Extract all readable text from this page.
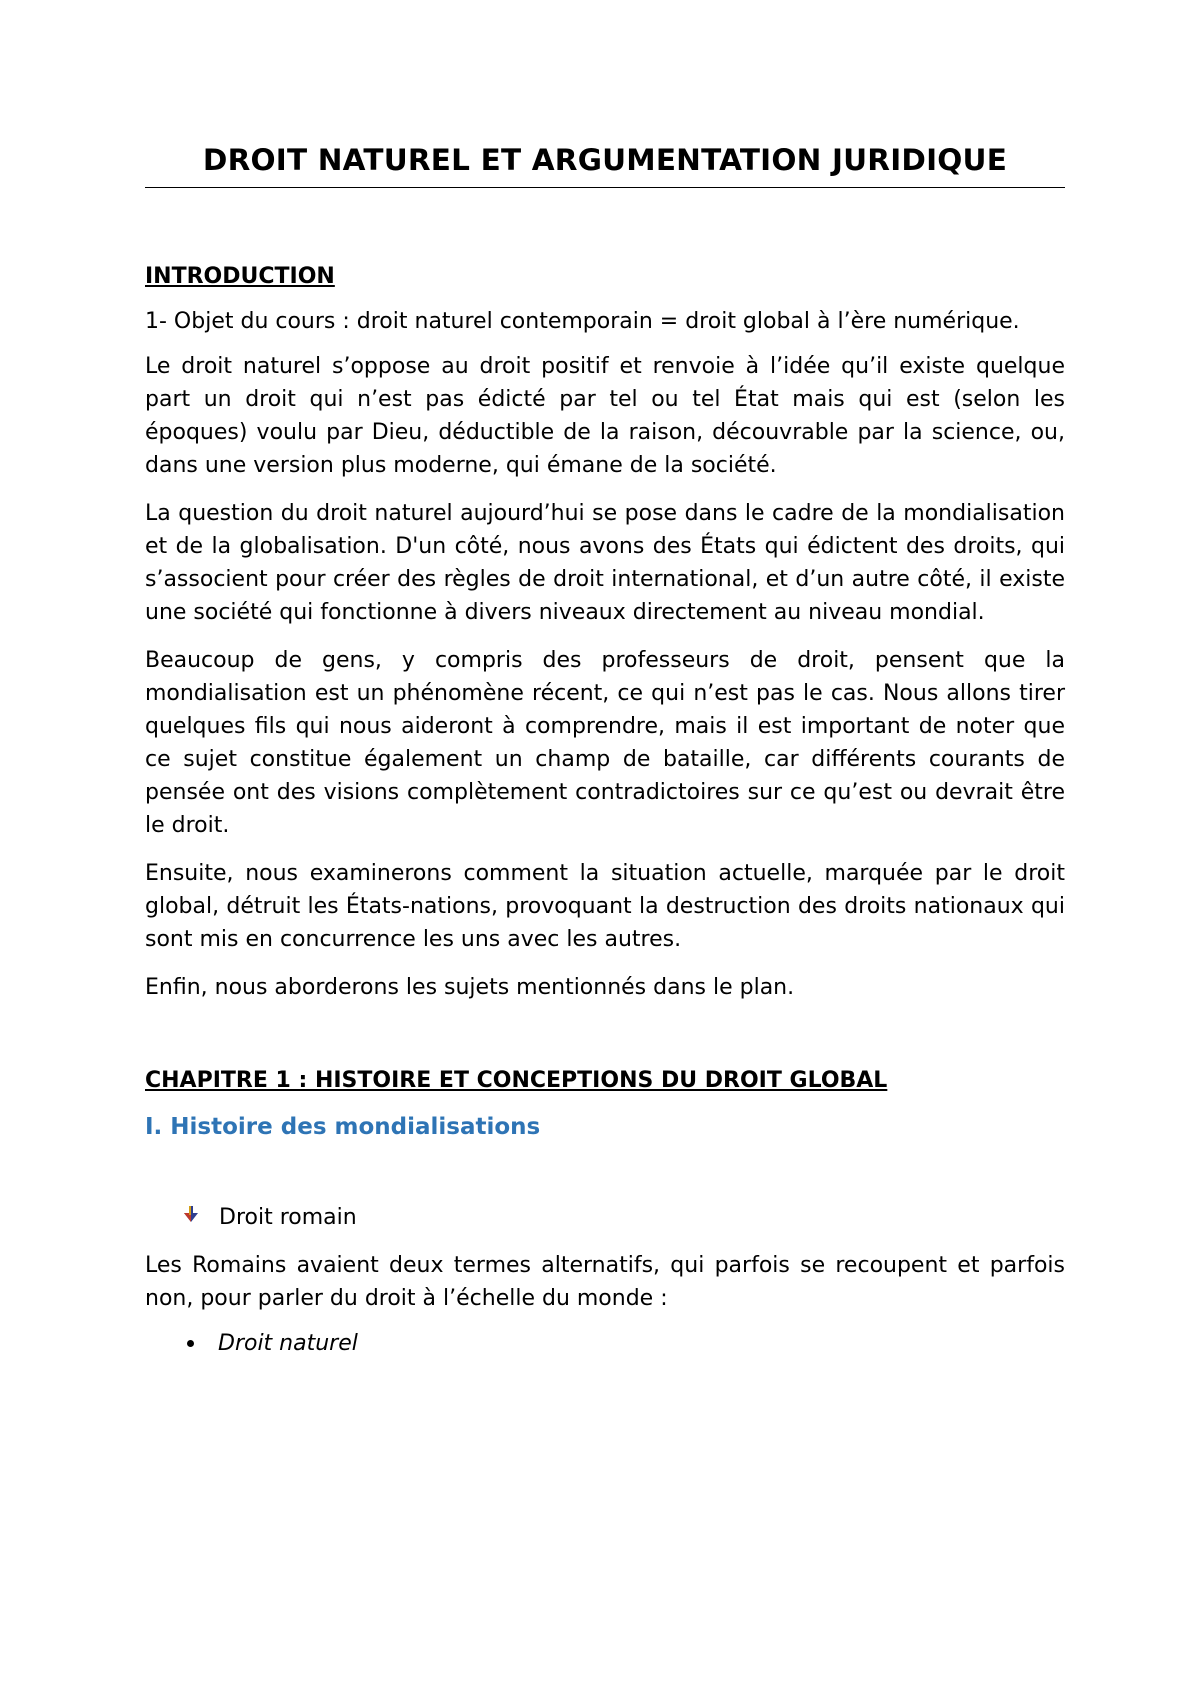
DROIT NATUREL ET ARGUMENTATION JURIDIQUE

INTRODUCTION

1- Objet du cours : droit naturel contemporain = droit global à l’ère numérique.

Le droit naturel s’oppose au droit positif et renvoie à l’idée qu’il existe quelque part un droit qui n’est pas édicté par tel ou tel État mais qui est (selon les époques) voulu par Dieu, déductible de la raison, découvrable par la science, ou, dans une version plus moderne, qui émane de la société.

La question du droit naturel aujourd’hui se pose dans le cadre de la mondialisation et de la globalisation. D'un côté, nous avons des États qui édictent des droits, qui s’associent pour créer des règles de droit international, et d’un autre côté, il existe une société qui fonctionne à divers niveaux directement au niveau mondial.

Beaucoup de gens, y compris des professeurs de droit, pensent que la mondialisation est un phénomène récent, ce qui n’est pas le cas. Nous allons tirer quelques fils qui nous aideront à comprendre, mais il est important de noter que ce sujet constitue également un champ de bataille, car différents courants de pensée ont des visions complètement contradictoires sur ce qu’est ou devrait être le droit.

Ensuite, nous examinerons comment la situation actuelle, marquée par le droit global, détruit les États-nations, provoquant la destruction des droits nationaux qui sont mis en concurrence les uns avec les autres.

Enfin, nous aborderons les sujets mentionnés dans le plan.

CHAPITRE 1 : HISTOIRE ET CONCEPTIONS DU DROIT GLOBAL

I. Histoire des mondialisations

Droit romain

Les Romains avaient deux termes alternatifs, qui parfois se recoupent et parfois non, pour parler du droit à l’échelle du monde :

Droit naturel
